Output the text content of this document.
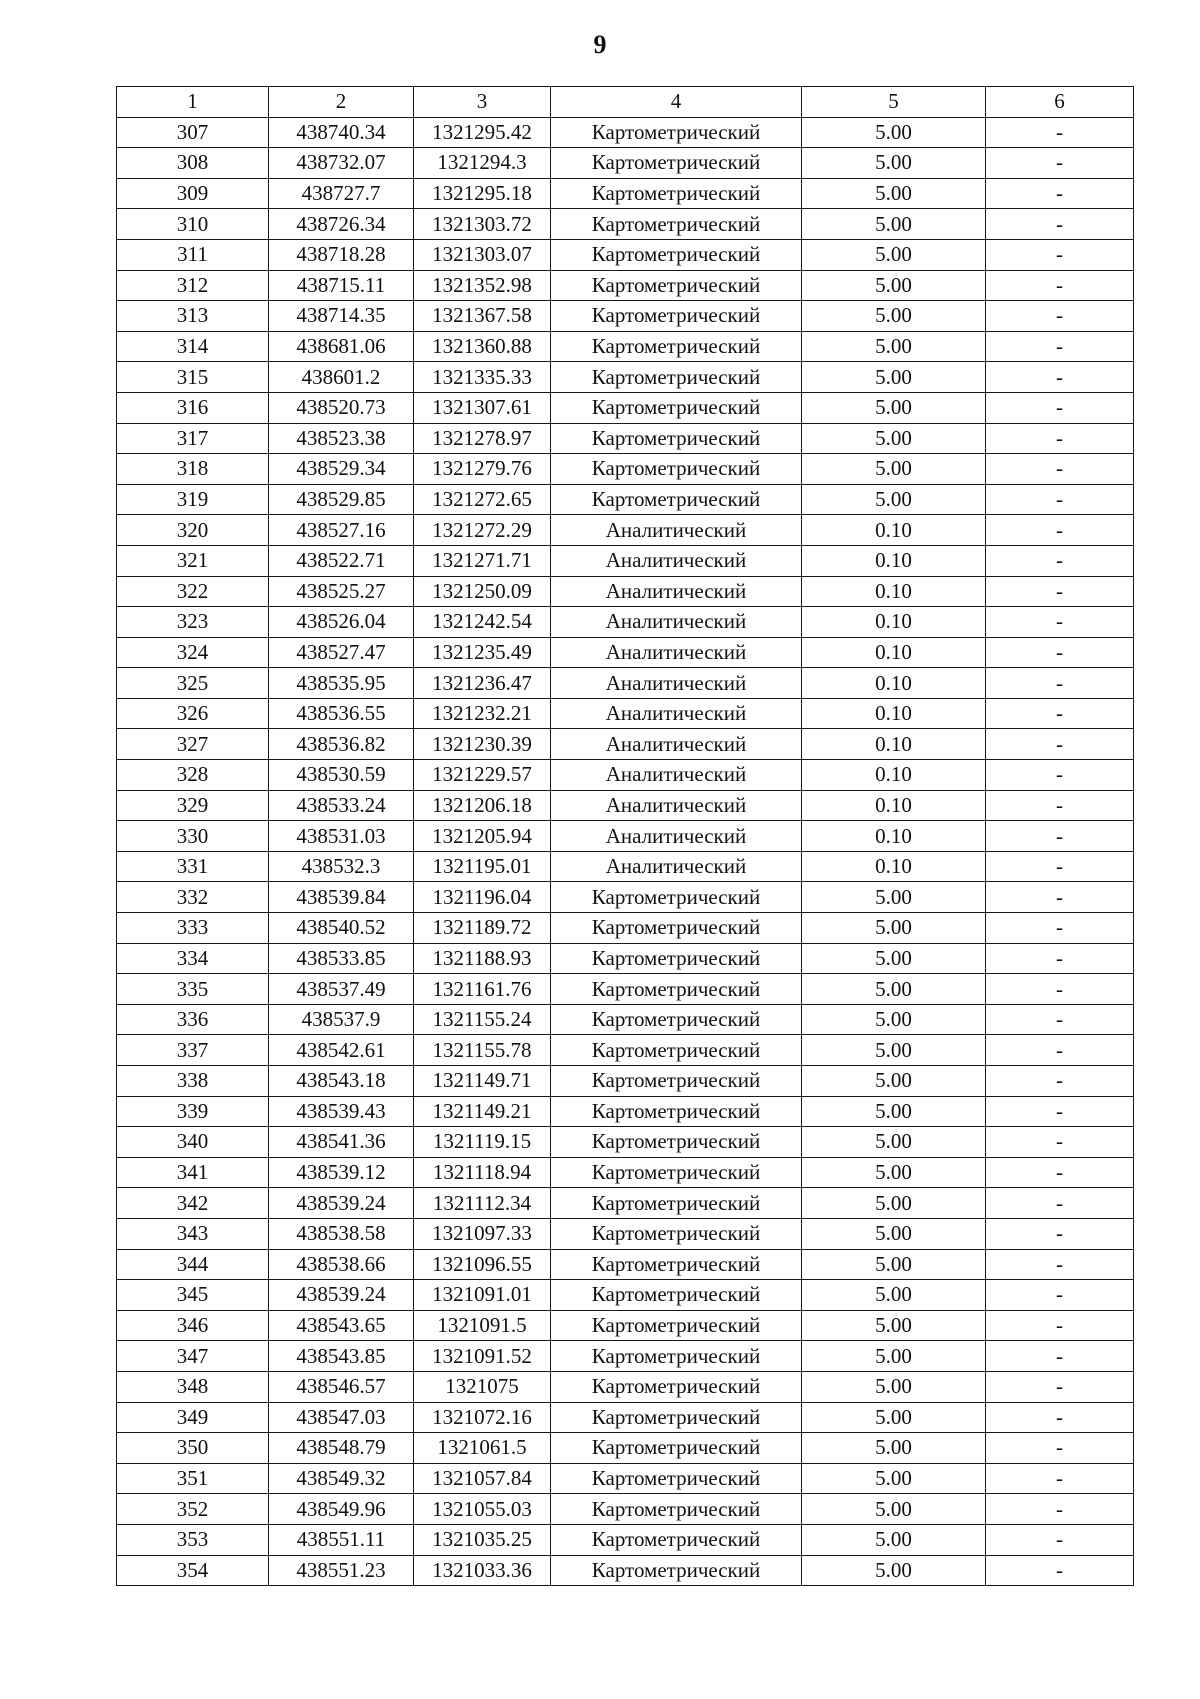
9
1	2	3	4	5	6
307	438740.34	1321295.42	Картометрический	5.00	-
308	438732.07	1321294.3	Картометрический	5.00	-
309	438727.7	1321295.18	Картометрический	5.00	-
310	438726.34	1321303.72	Картометрический	5.00	-
311	438718.28	1321303.07	Картометрический	5.00	-
312	438715.11	1321352.98	Картометрический	5.00	-
313	438714.35	1321367.58	Картометрический	5.00	-
314	438681.06	1321360.88	Картометрический	5.00	-
315	438601.2	1321335.33	Картометрический	5.00	-
316	438520.73	1321307.61	Картометрический	5.00	-
317	438523.38	1321278.97	Картометрический	5.00	-
318	438529.34	1321279.76	Картометрический	5.00	-
319	438529.85	1321272.65	Картометрический	5.00	-
320	438527.16	1321272.29	Аналитический	0.10	-
321	438522.71	1321271.71	Аналитический	0.10	-
322	438525.27	1321250.09	Аналитический	0.10	-
323	438526.04	1321242.54	Аналитический	0.10	-
324	438527.47	1321235.49	Аналитический	0.10	-
325	438535.95	1321236.47	Аналитический	0.10	-
326	438536.55	1321232.21	Аналитический	0.10	-
327	438536.82	1321230.39	Аналитический	0.10	-
328	438530.59	1321229.57	Аналитический	0.10	-
329	438533.24	1321206.18	Аналитический	0.10	-
330	438531.03	1321205.94	Аналитический	0.10	-
331	438532.3	1321195.01	Аналитический	0.10	-
332	438539.84	1321196.04	Картометрический	5.00	-
333	438540.52	1321189.72	Картометрический	5.00	-
334	438533.85	1321188.93	Картометрический	5.00	-
335	438537.49	1321161.76	Картометрический	5.00	-
336	438537.9	1321155.24	Картометрический	5.00	-
337	438542.61	1321155.78	Картометрический	5.00	-
338	438543.18	1321149.71	Картометрический	5.00	-
339	438539.43	1321149.21	Картометрический	5.00	-
340	438541.36	1321119.15	Картометрический	5.00	-
341	438539.12	1321118.94	Картометрический	5.00	-
342	438539.24	1321112.34	Картометрический	5.00	-
343	438538.58	1321097.33	Картометрический	5.00	-
344	438538.66	1321096.55	Картометрический	5.00	-
345	438539.24	1321091.01	Картометрический	5.00	-
346	438543.65	1321091.5	Картометрический	5.00	-
347	438543.85	1321091.52	Картометрический	5.00	-
348	438546.57	1321075	Картометрический	5.00	-
349	438547.03	1321072.16	Картометрический	5.00	-
350	438548.79	1321061.5	Картометрический	5.00	-
351	438549.32	1321057.84	Картометрический	5.00	-
352	438549.96	1321055.03	Картометрический	5.00	-
353	438551.11	1321035.25	Картометрический	5.00	-
354	438551.23	1321033.36	Картометрический	5.00	-
